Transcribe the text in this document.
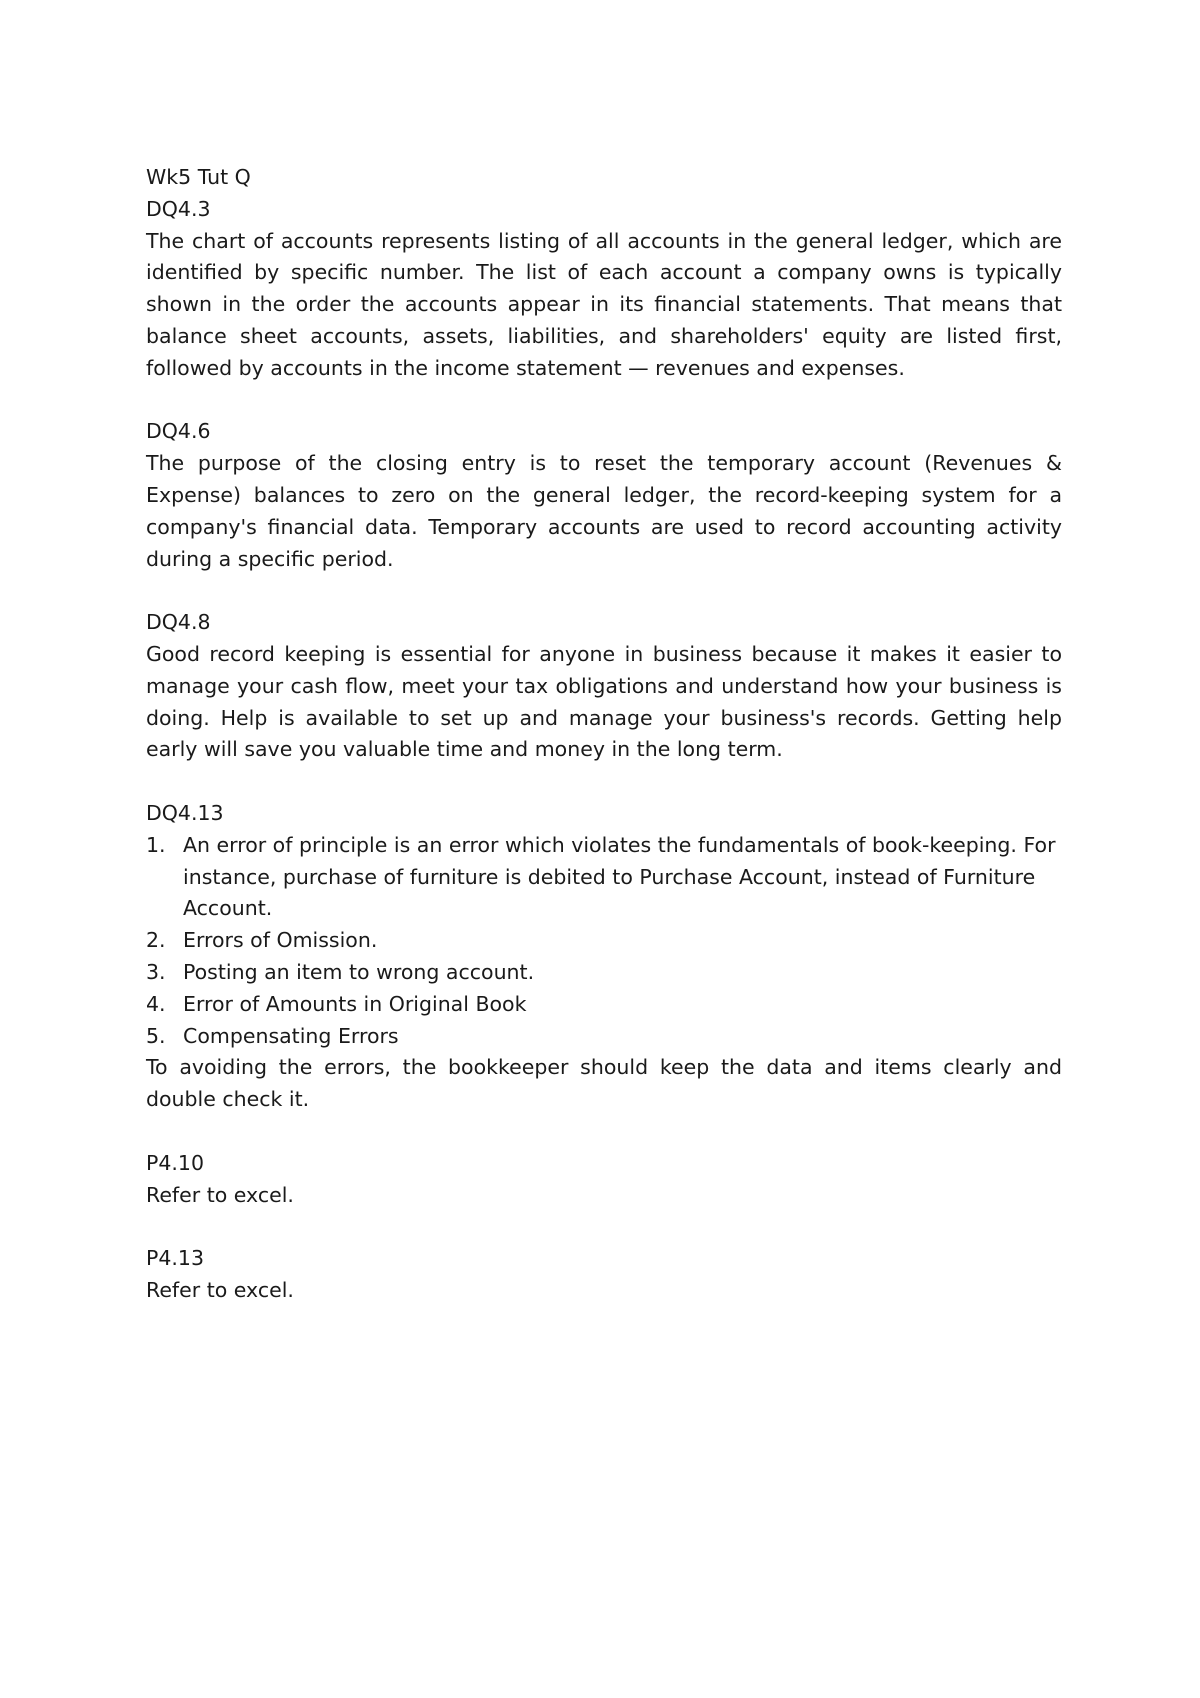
Wk5 Tut Q
DQ4.3
The chart of accounts represents listing of all accounts in the general ledger, which are identified by specific number. The list of each account a company owns is typically shown in the order the accounts appear in its financial statements. That means that balance sheet accounts, assets, liabilities, and shareholders' equity are listed first, followed by accounts in the income statement — revenues and expenses.
DQ4.6
The purpose of the closing entry is to reset the temporary account (Revenues & Expense) balances to zero on the general ledger, the record-keeping system for a company's financial data. Temporary accounts are used to record accounting activity during a specific period.
DQ4.8
Good record keeping is essential for anyone in business because it makes it easier to manage your cash flow, meet your tax obligations and understand how your business is doing. Help is available to set up and manage your business's records. Getting help early will save you valuable time and money in the long term.
DQ4.13
1. An error of principle is an error which violates the fundamentals of book-keeping. For instance, purchase of furniture is debited to Purchase Account, instead of Furniture Account.
2. Errors of Omission.
3. Posting an item to wrong account.
4. Error of Amounts in Original Book
5. Compensating Errors
To avoiding the errors, the bookkeeper should keep the data and items clearly and double check it.
P4.10
Refer to excel.
P4.13
Refer to excel.
